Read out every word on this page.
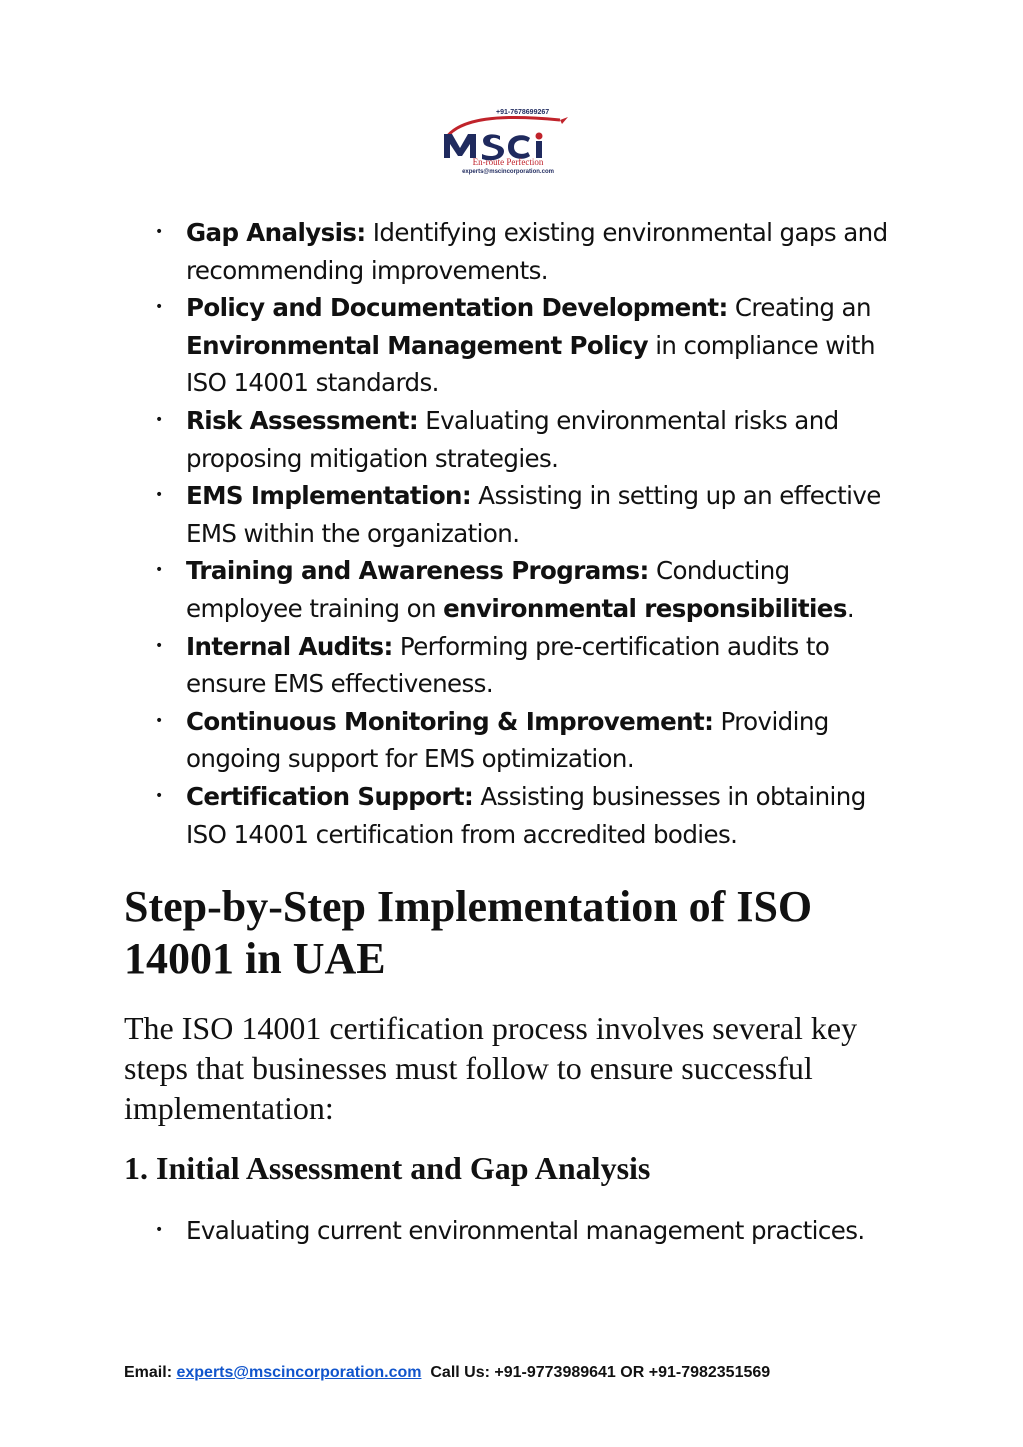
+91-7678699267
En-route Perfection
experts@mscincorporation.com
• Gap Analysis: Identifying existing environmental gaps and recommending improvements.
• Policy and Documentation Development: Creating an Environmental Management Policy in compliance with ISO 14001 standards.
• Risk Assessment: Evaluating environmental risks and proposing mitigation strategies.
• EMS Implementation: Assisting in setting up an effective EMS within the organization.
• Training and Awareness Programs: Conducting employee training on environmental responsibilities.
• Internal Audits: Performing pre-certification audits to ensure EMS effectiveness.
• Continuous Monitoring & Improvement: Providing ongoing support for EMS optimization.
• Certification Support: Assisting businesses in obtaining ISO 14001 certification from accredited bodies.
Step-by-Step Implementation of ISO 14001 in UAE

The ISO 14001 certification process involves several key steps that businesses must follow to ensure successful implementation:

1. Initial Assessment and Gap Analysis
• Evaluating current environmental management practices.
Email: experts@mscincorporation.com Call Us: +91-9773989641 OR +91-7982351569
